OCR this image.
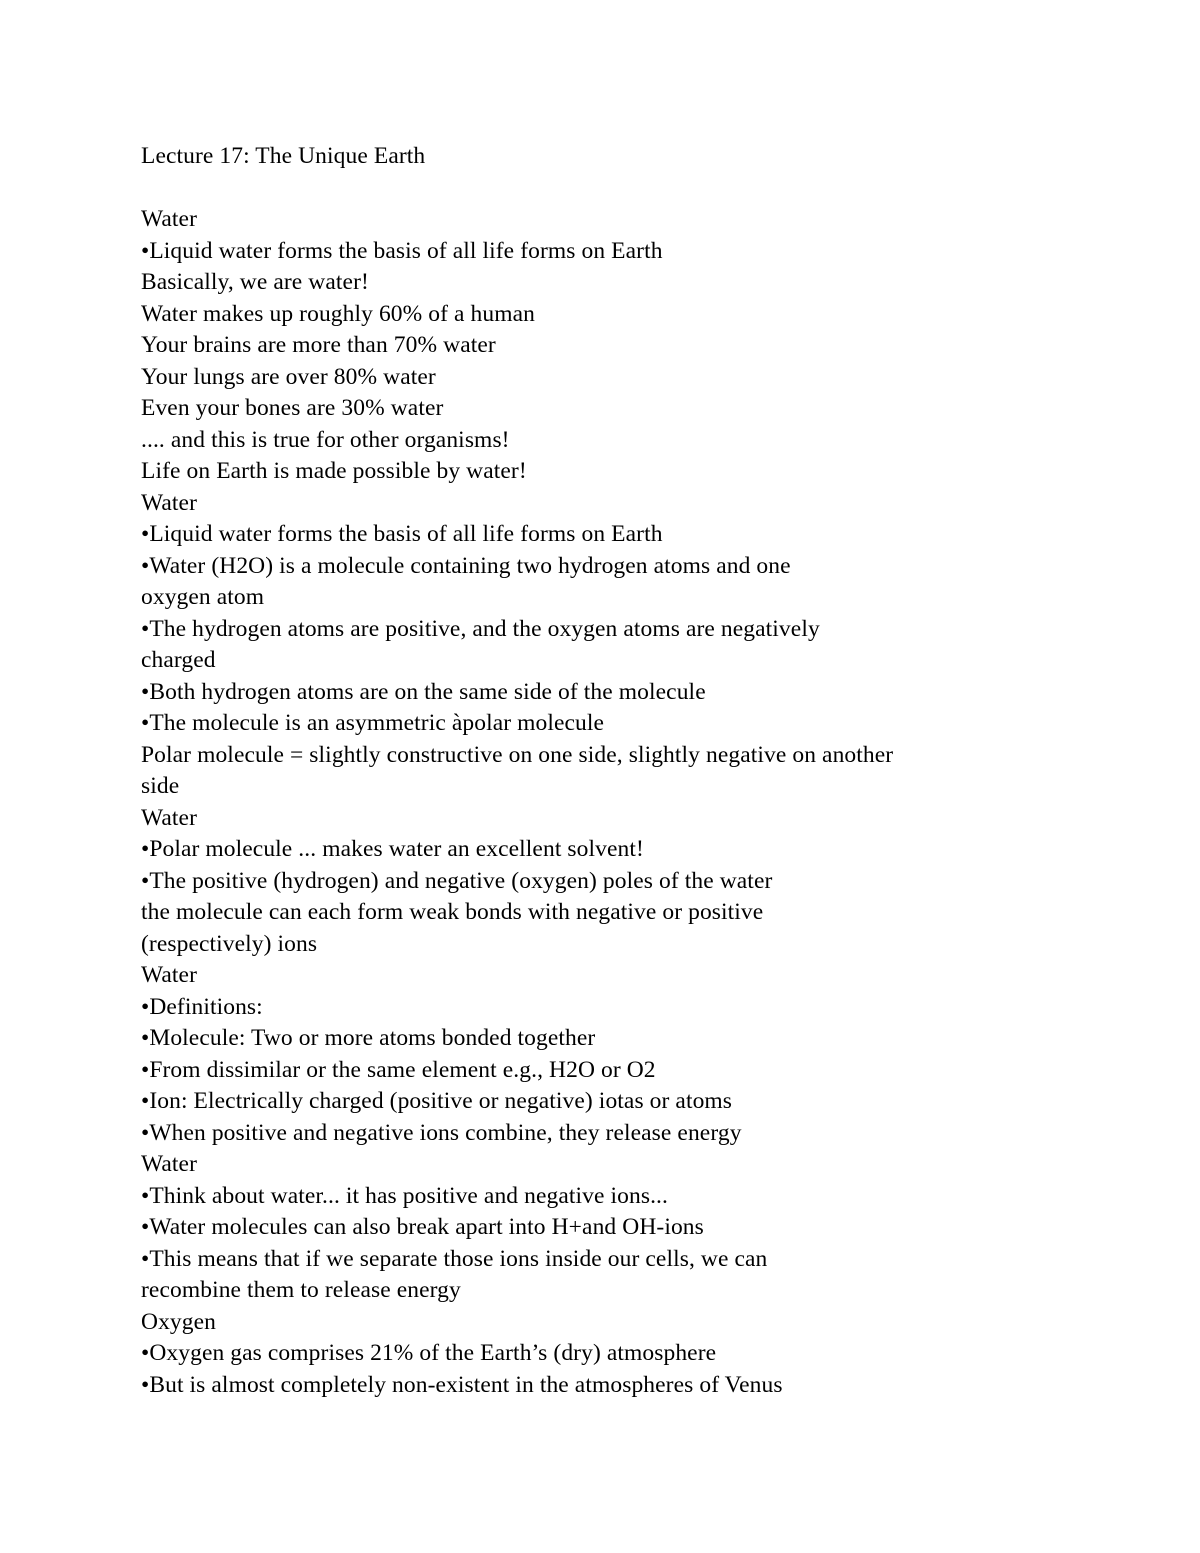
Lecture 17: The Unique Earth
Water
•Liquid water forms the basis of all life forms on Earth
Basically, we are water!
Water makes up roughly 60% of a human
Your brains are more than 70% water
Your lungs are over 80% water
Even your bones are 30% water
.... and this is true for other organisms!
Life on Earth is made possible by water!
Water
•Liquid water forms the basis of all life forms on Earth
•Water (H2O) is a molecule containing two hydrogen atoms and one
oxygen atom
•The hydrogen atoms are positive, and the oxygen atoms are negatively
charged
•Both hydrogen atoms are on the same side of the molecule
•The molecule is an asymmetric àpolar molecule
Polar molecule = slightly constructive on one side, slightly negative on another
side
Water
•Polar molecule ... makes water an excellent solvent!
•The positive (hydrogen) and negative (oxygen) poles of the water
the molecule can each form weak bonds with negative or positive
(respectively) ions
Water
•Definitions:
•Molecule: Two or more atoms bonded together
•From dissimilar or the same element e.g., H2O or O2
•Ion: Electrically charged (positive or negative) iotas or atoms
•When positive and negative ions combine, they release energy
Water
•Think about water... it has positive and negative ions...
•Water molecules can also break apart into H+and OH-ions
•This means that if we separate those ions inside our cells, we can
recombine them to release energy
Oxygen
•Oxygen gas comprises 21% of the Earth’s (dry) atmosphere
•But is almost completely non-existent in the atmospheres of Venus
